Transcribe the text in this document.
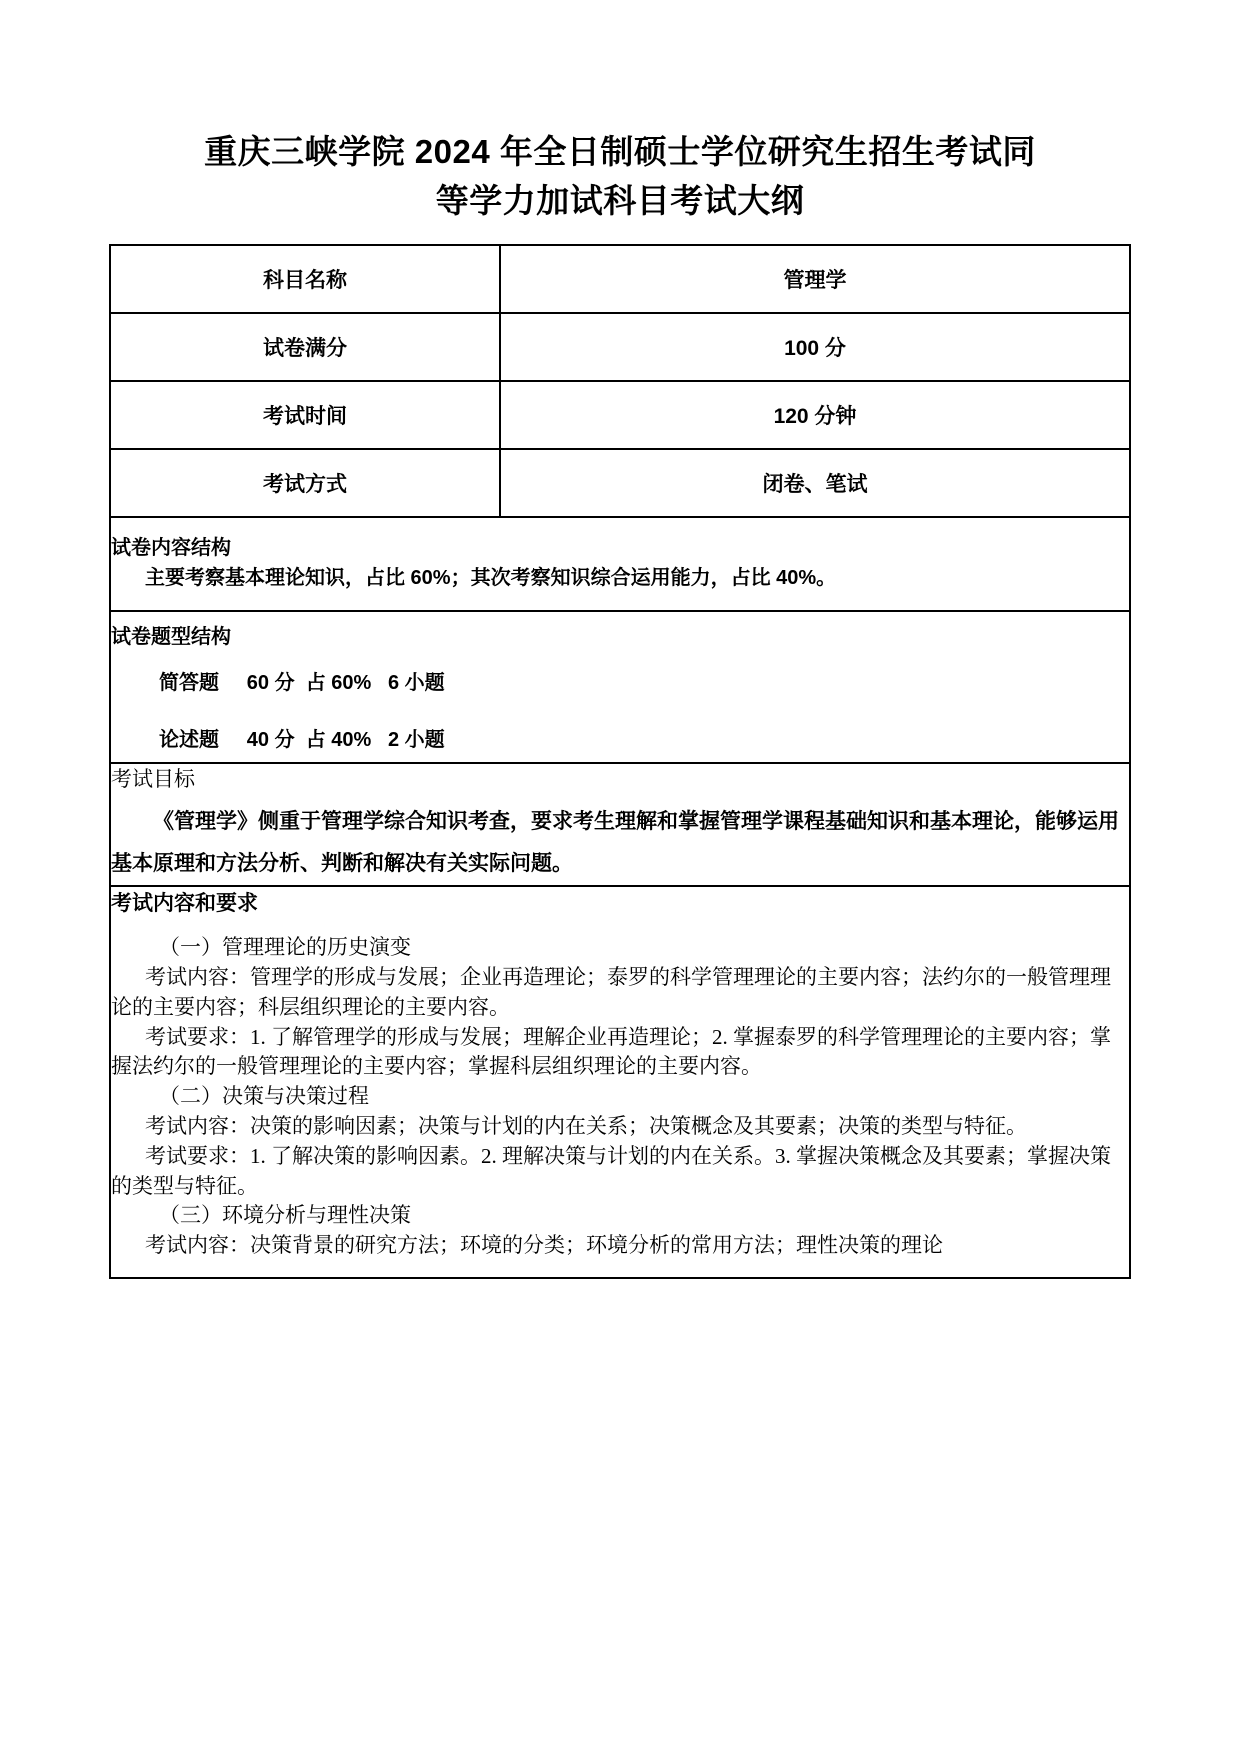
重庆三峡学院 2024 年全日制硕士学位研究生招生考试同
等学力加试科目考试大纲
科目名称	管理学
试卷满分	100 分
考试时间	120 分钟
考试方式	闭卷、笔试

试卷内容结构
主要考察基本理论知识，占比 60%；其次考察知识综合运用能力，占比 40%。	

试卷题型结构
简答题 60 分 占 60% 6 小题
论述题 40 分 占 40% 2 小题	

考试目标
《管理学》侧重于管理学综合知识考查，要求考生理解和掌握管理学课程基础知识和基本理论，能够运用基本原理和方法分析、判断和解决有关实际问题。	

考试内容和要求

（一）管理理论的历史演变

考试内容：管理学的形成与发展；企业再造理论；泰罗的科学管理理论的主要内容；法约尔的一般管理理论的主要内容；科层组织理论的主要内容。

考试要求：1. 了解管理学的形成与发展；理解企业再造理论；2. 掌握泰罗的科学管理理论的主要内容；掌握法约尔的一般管理理论的主要内容；掌握科层组织理论的主要内容。

（二）决策与决策过程

考试内容：决策的影响因素；决策与计划的内在关系；决策概念及其要素；决策的类型与特征。

考试要求：1. 了解决策的影响因素。2. 理解决策与计划的内在关系。3. 掌握决策概念及其要素；掌握决策的类型与特征。

（三）环境分析与理性决策

考试内容：决策背景的研究方法；环境的分类；环境分析的常用方法；理性决策的理论
